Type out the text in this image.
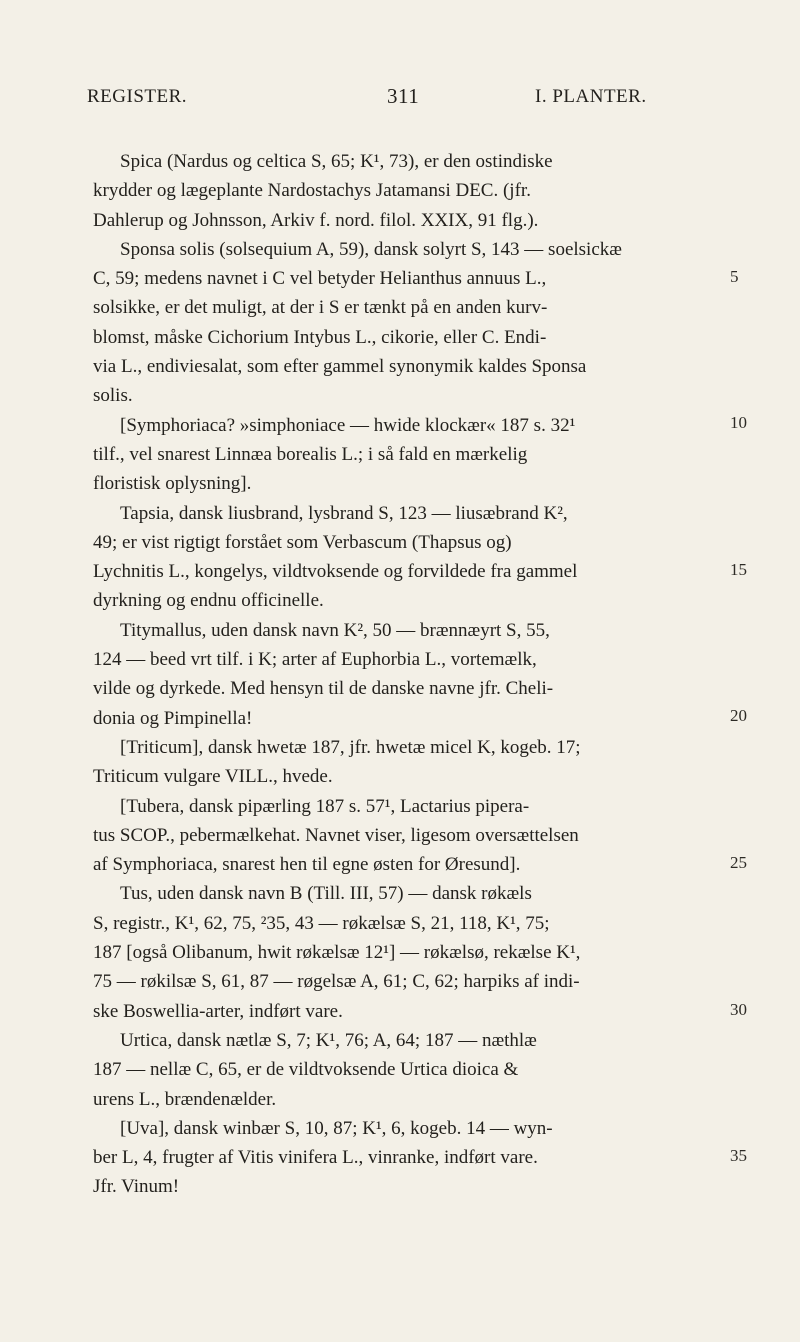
REGISTER.	311	I. PLANTER.
Spica (Nardus og celtica S, 65; K¹, 73), er den ostindiske
krydder og lægeplante Nardostachys Jatamansi DEC. (jfr.
Dahlerup og Johnsson, Arkiv f. nord. filol. XXIX, 91 flg.).
Sponsa solis (solsequium A, 59), dansk solyrt S, 143 — soelsickæ
C, 59; medens navnet i C vel betyder Helianthus annuus L.,
solsikke, er det muligt, at der i S er tænkt på en anden kurv-
blomst, måske Cichorium Intybus L., cikorie, eller C. Endi-
via L., endiviesalat, som efter gammel synonymik kaldes Sponsa
solis.
[Symphoriaca? »simphoniace — hwide klockær« 187 s. 32¹
tilf., vel snarest Linnæa borealis L.; i så fald en mærkelig
floristisk oplysning].
Tapsia, dansk liusbrand, lysbrand S, 123 — liusæbrand K²,
49; er vist rigtigt forstået som Verbascum (Thapsus og)
Lychnitis L., kongelys, vildtvoksende og forvildede fra gammel
dyrkning og endnu officinelle.
Titymallus, uden dansk navn K², 50 — brænnæyrt S, 55,
124 — beed vrt tilf. i K; arter af Euphorbia L., vortemælk,
vilde og dyrkede. Med hensyn til de danske navne jfr. Cheli-
donia og Pimpinella!
[Triticum], dansk hwetæ 187, jfr. hwetæ micel K, kogeb. 17;
Triticum vulgare VILL., hvede.
[Tubera, dansk pipærling 187 s. 57¹, Lactarius pipera-
tus SCOP., pebermælkehat. Navnet viser, ligesom oversættelsen
af Symphoriaca, snarest hen til egne østen for Øresund].
Tus, uden dansk navn B (Till. III, 57) — dansk røkæls
S, registr., K¹, 62, 75, ²35, 43 — røkælsæ S, 21, 118, K¹, 75;
187 [også Olibanum, hwit røkælsæ 12¹] — røkælsø, rekælse K¹,
75 — røkilsæ S, 61, 87 — røgelsæ A, 61; C, 62; harpiks af indi-
ske Boswellia-arter, indført vare.
Urtica, dansk nætlæ S, 7; K¹, 76; A, 64; 187 — næthlæ
187 — nellæ C, 65, er de vildtvoksende Urtica dioica &
urens L., brændenælder.
[Uva], dansk winbær S, 10, 87; K¹, 6, kogeb. 14 — wyn-
ber L, 4, frugter af Vitis vinifera L., vinranke, indført vare.
Jfr. Vinum!
5
10
15
20
25
30
35
